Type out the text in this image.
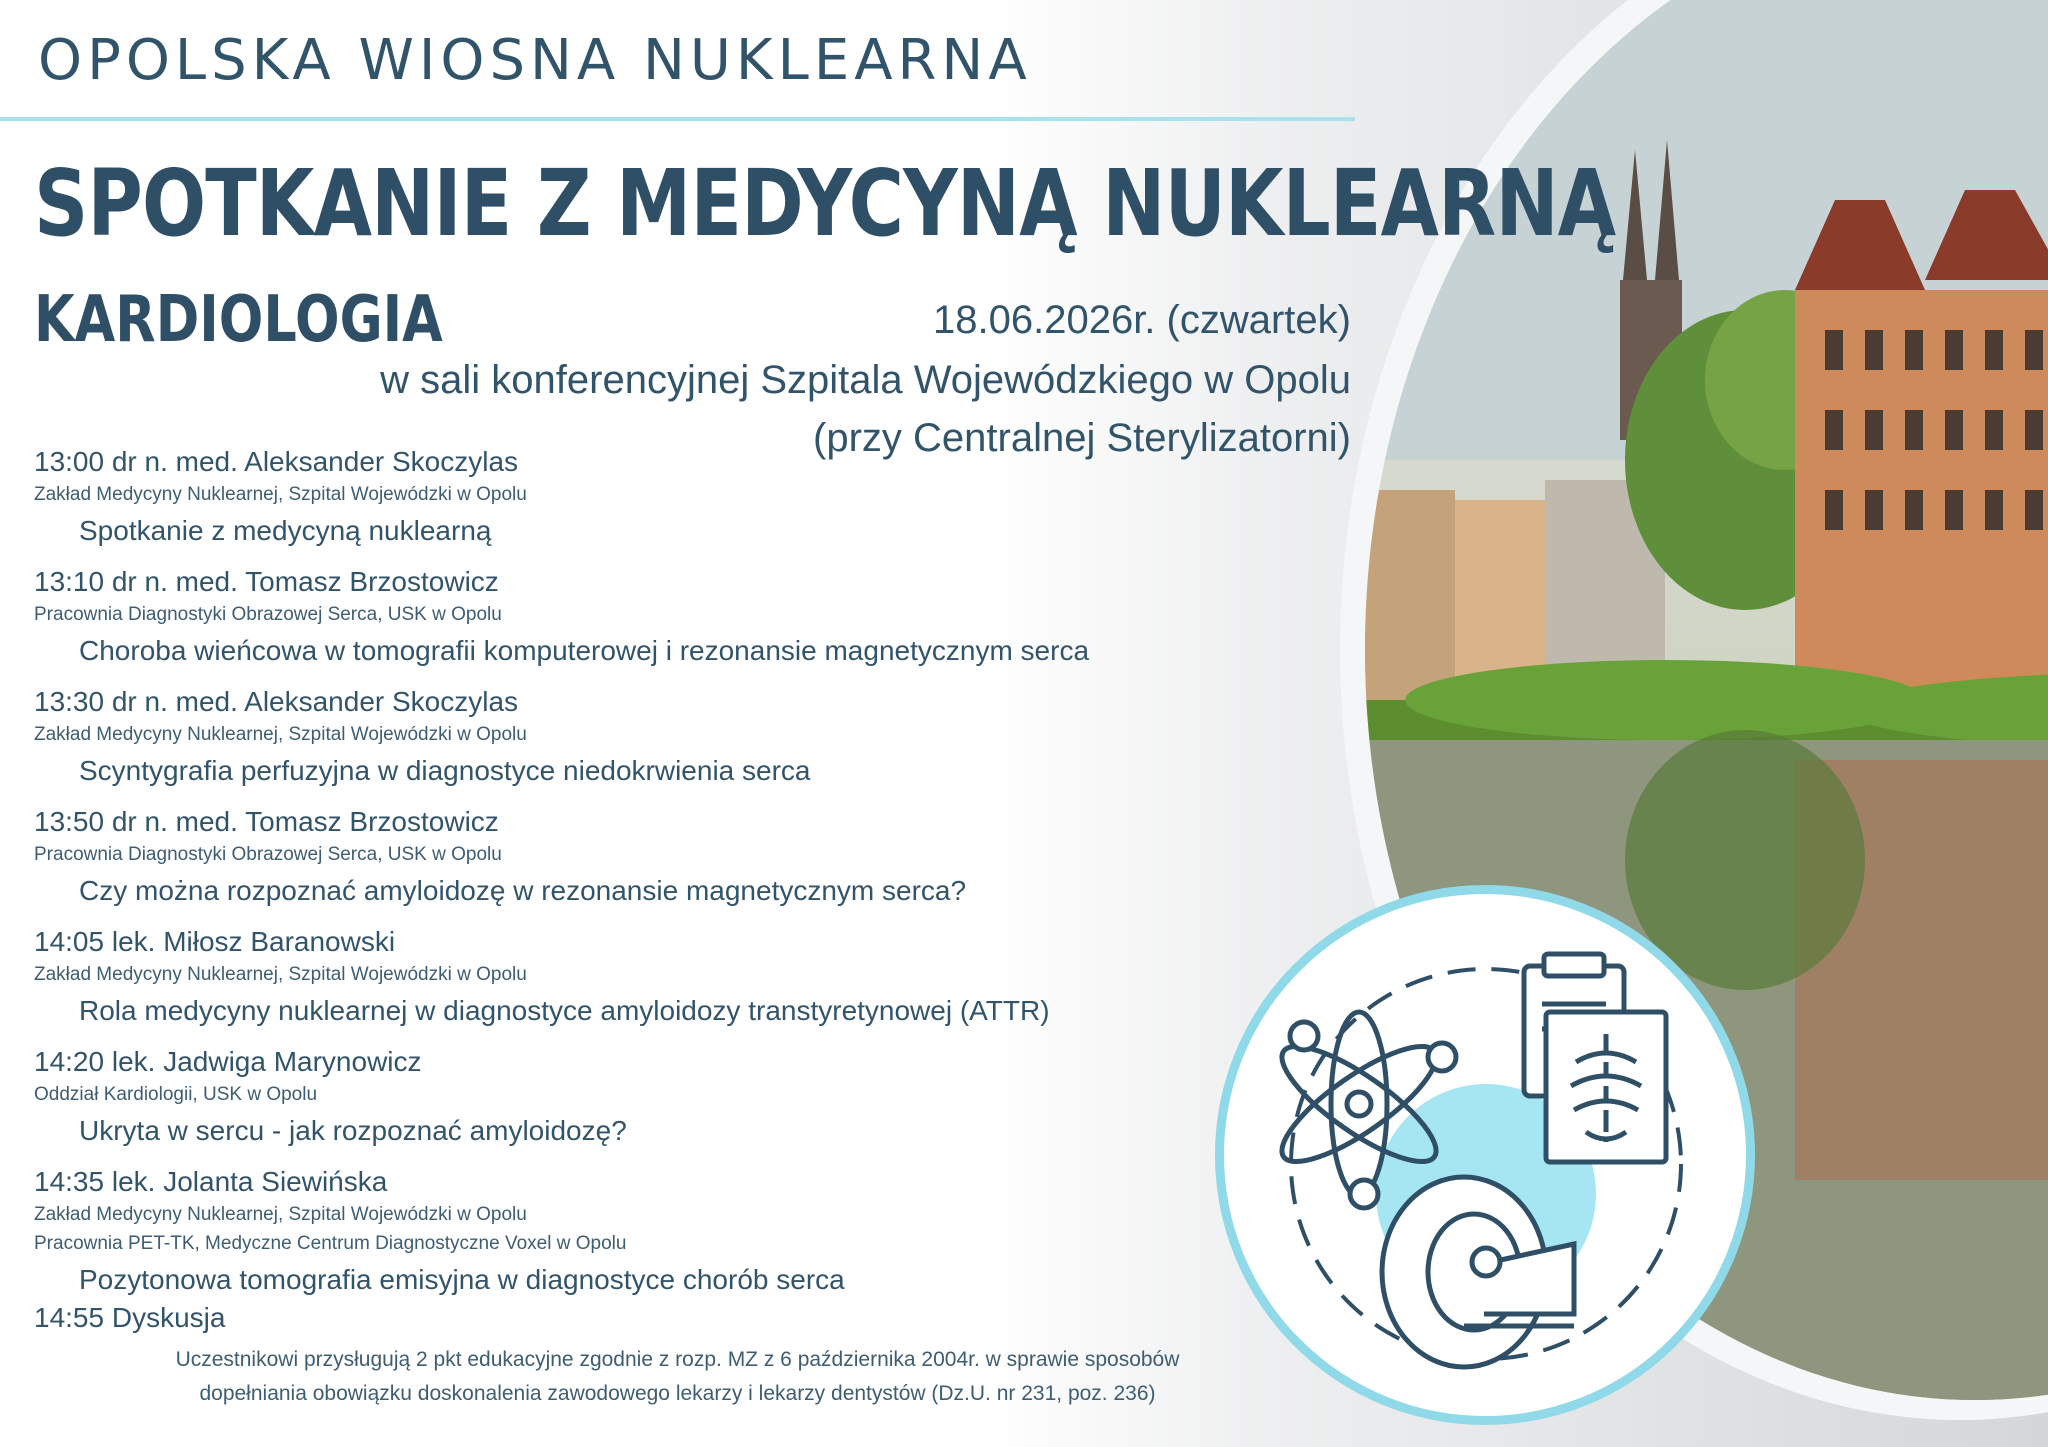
OPOLSKA WIOSNA NUKLEARNA
SPOTKANIE Z MEDYCYNĄ NUKLEARNĄ
KARDIOLOGIA	18.06.2026r. (czwartek)
w sali konferencyjnej Szpitala Wojewódzkiego w Opolu
(przy Centralnej Sterylizatorni)
13:00 dr n. med. Aleksander Skoczylas
Zakład Medycyny Nuklearnej, Szpital Wojewódzki w Opolu
Spotkanie z medycyną nuklearną
13:10 dr n. med. Tomasz Brzostowicz
Pracownia Diagnostyki Obrazowej Serca, USK w Opolu
Choroba wieńcowa w tomografii komputerowej i rezonansie magnetycznym serca
13:30 dr n. med. Aleksander Skoczylas
Zakład Medycyny Nuklearnej, Szpital Wojewódzki w Opolu
Scyntygrafia perfuzyjna w diagnostyce niedokrwienia serca
13:50 dr n. med. Tomasz Brzostowicz
Pracownia Diagnostyki Obrazowej Serca, USK w Opolu
Czy można rozpoznać amyloidozę w rezonansie magnetycznym serca?
14:05 lek. Miłosz Baranowski
Zakład Medycyny Nuklearnej, Szpital Wojewódzki w Opolu
Rola medycyny nuklearnej w diagnostyce amyloidozy transtyretynowej (ATTR)
14:20 lek. Jadwiga Marynowicz
Oddział Kardiologii, USK w Opolu
Ukryta w sercu - jak rozpoznać amyloidozę?
14:35 lek. Jolanta Siewińska
Zakład Medycyny Nuklearnej, Szpital Wojewódzki w Opolu
Pracownia PET-TK, Medyczne Centrum Diagnostyczne Voxel w Opolu
Pozytonowa tomografia emisyjna w diagnostyce chorób serca
14:55 Dyskusja
Uczestnikowi przysługują 2 pkt edukacyjne zgodnie z rozp. MZ z 6 października 2004r. w sprawie sposobów
dopełniania obowiązku doskonalenia zawodowego lekarzy i lekarzy dentystów (Dz.U. nr 231, poz. 236)
